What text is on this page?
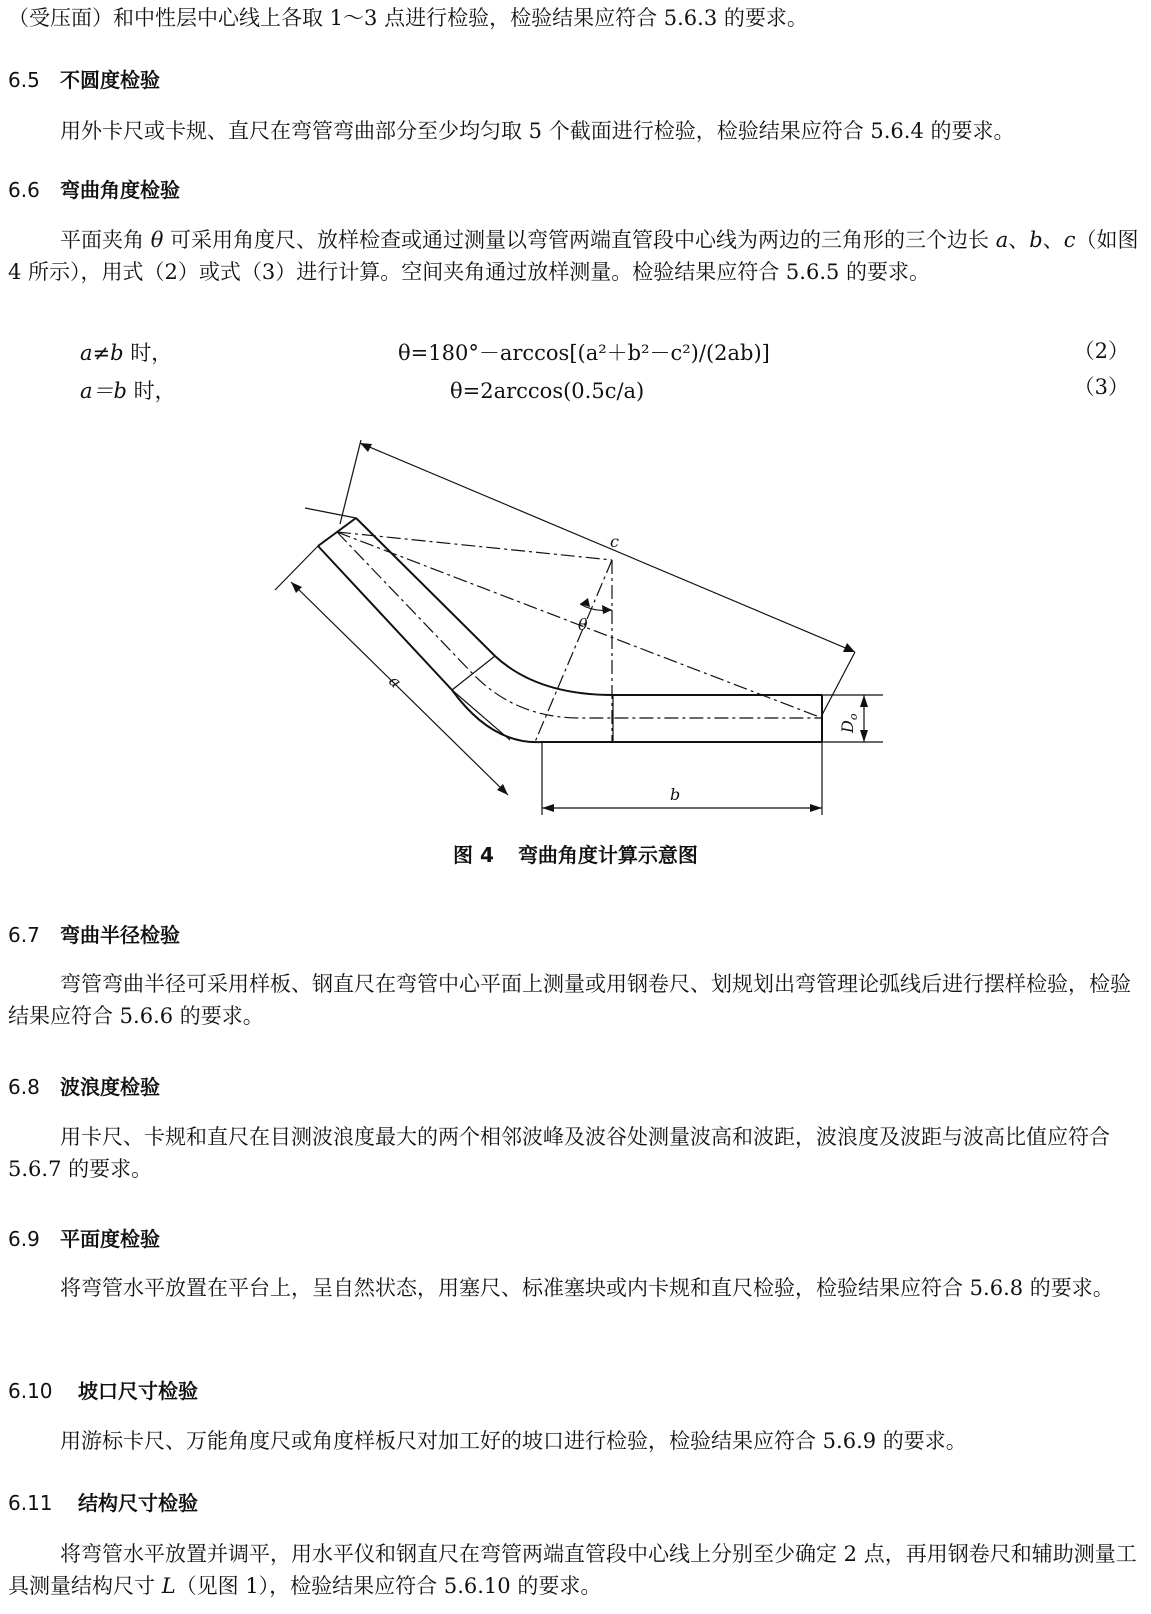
（受压面）和中性层中心线上各取 1～3 点进行检验，检验结果应符合 5.6.3 的要求。

6.5 不圆度检验

用外卡尺或卡规、直尺在弯管弯曲部分至少均匀取 5 个截面进行检验，检验结果应符合 5.6.4 的要求。

6.6 弯曲角度检验

平面夹角 θ 可采用角度尺、放样检查或通过测量以弯管两端直管段中心线为两边的三角形的三个边长 a、b、c（如图 4 所示），用式（2）或式（3）进行计算。空间夹角通过放样测量。检验结果应符合 5.6.5 的要求。

a≠b 时，	θ=180°－arccos[(a²＋b²－c²)/(2ab)]	（2）
a＝b 时，	θ=2arccos(0.5c/a)	（3）
c
θ
a
b
$D_o$

图 4 弯曲角度计算示意图

6.7 弯曲半径检验

弯管弯曲半径可采用样板、钢直尺在弯管中心平面上测量或用钢卷尺、划规划出弯管理论弧线后进行摆样检验，检验结果应符合 5.6.6 的要求。

6.8 波浪度检验

用卡尺、卡规和直尺在目测波浪度最大的两个相邻波峰及波谷处测量波高和波距，波浪度及波距与波高比值应符合 5.6.7 的要求。

6.9 平面度检验

将弯管水平放置在平台上，呈自然状态，用塞尺、标准塞块或内卡规和直尺检验，检验结果应符合 5.6.8 的要求。

6.10 坡口尺寸检验

用游标卡尺、万能角度尺或角度样板尺对加工好的坡口进行检验，检验结果应符合 5.6.9 的要求。

6.11 结构尺寸检验

将弯管水平放置并调平，用水平仪和钢直尺在弯管两端直管段中心线上分别至少确定 2 点，再用钢卷尺和辅助测量工具测量结构尺寸 L（见图 1），检验结果应符合 5.6.10 的要求。
